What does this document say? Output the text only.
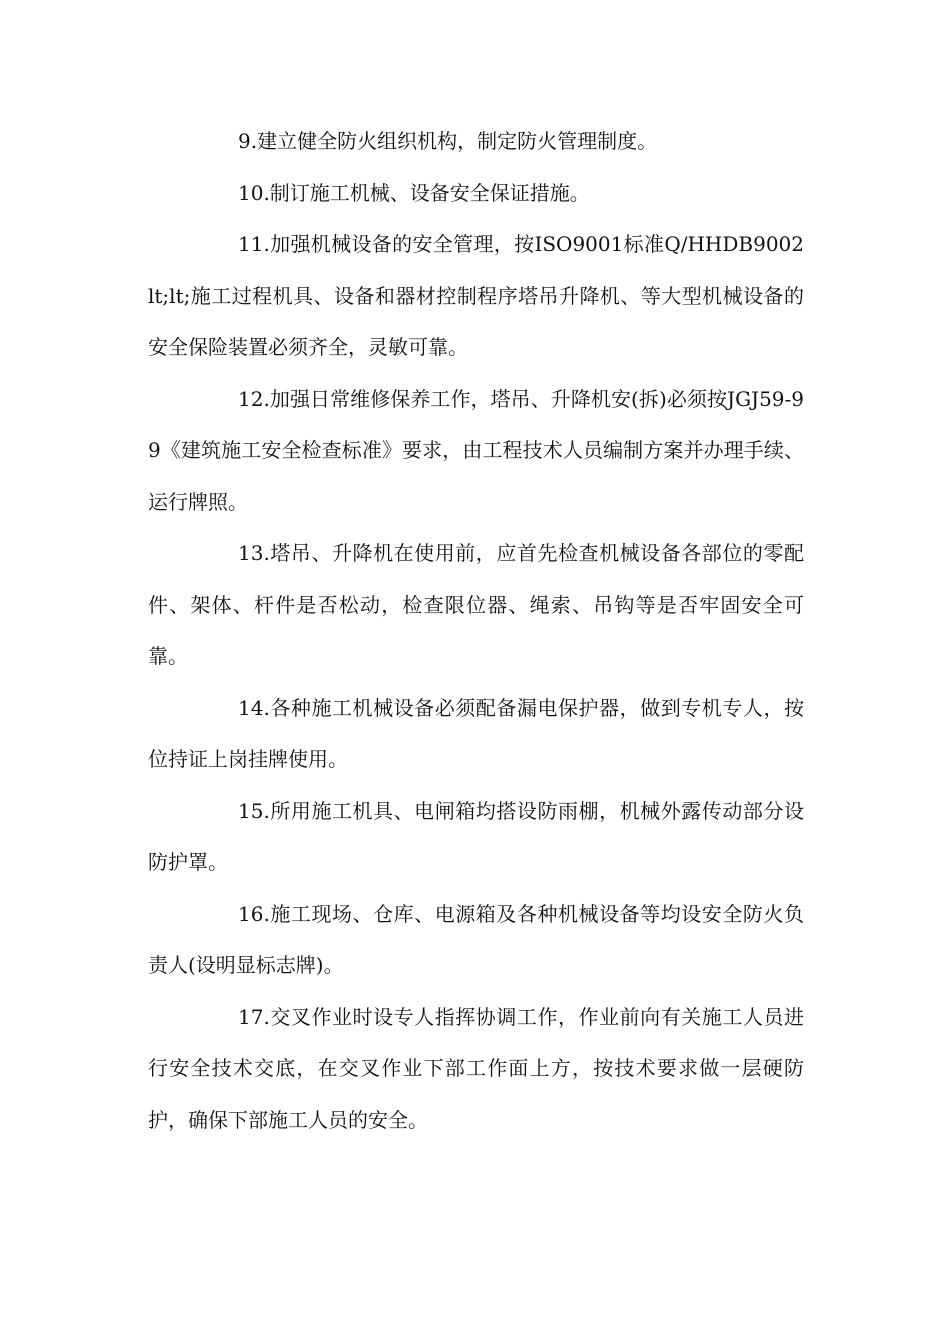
9.建立健全防火组织机构，制定防火管理制度。

10.制订施工机械、设备安全保证措施。

11.加强机械设备的安全管理，按ISO9001标准Q/HHDB9002lt;lt;施工过程机具、设备和器材控制程序塔吊升降机、等大型机械设备的安全保险装置必须齐全，灵敏可靠。

12.加强日常维修保养工作，塔吊、升降机安(拆)必须按JGJ59-99《建筑施工安全检查标准》要求，由工程技术人员编制方案并办理手续、运行牌照。

13.塔吊、升降机在使用前，应首先检查机械设备各部位的零配件、架体、杆件是否松动，检查限位器、绳索、吊钩等是否牢固安全可靠。

14.各种施工机械设备必须配备漏电保护器，做到专机专人，按位持证上岗挂牌使用。

15.所用施工机具、电闸箱均搭设防雨棚，机械外露传动部分设防护罩。

16.施工现场、仓库、电源箱及各种机械设备等均设安全防火负责人(设明显标志牌)。

17.交叉作业时设专人指挥协调工作，作业前向有关施工人员进行安全技术交底，在交叉作业下部工作面上方，按技术要求做一层硬防护，确保下部施工人员的安全。
